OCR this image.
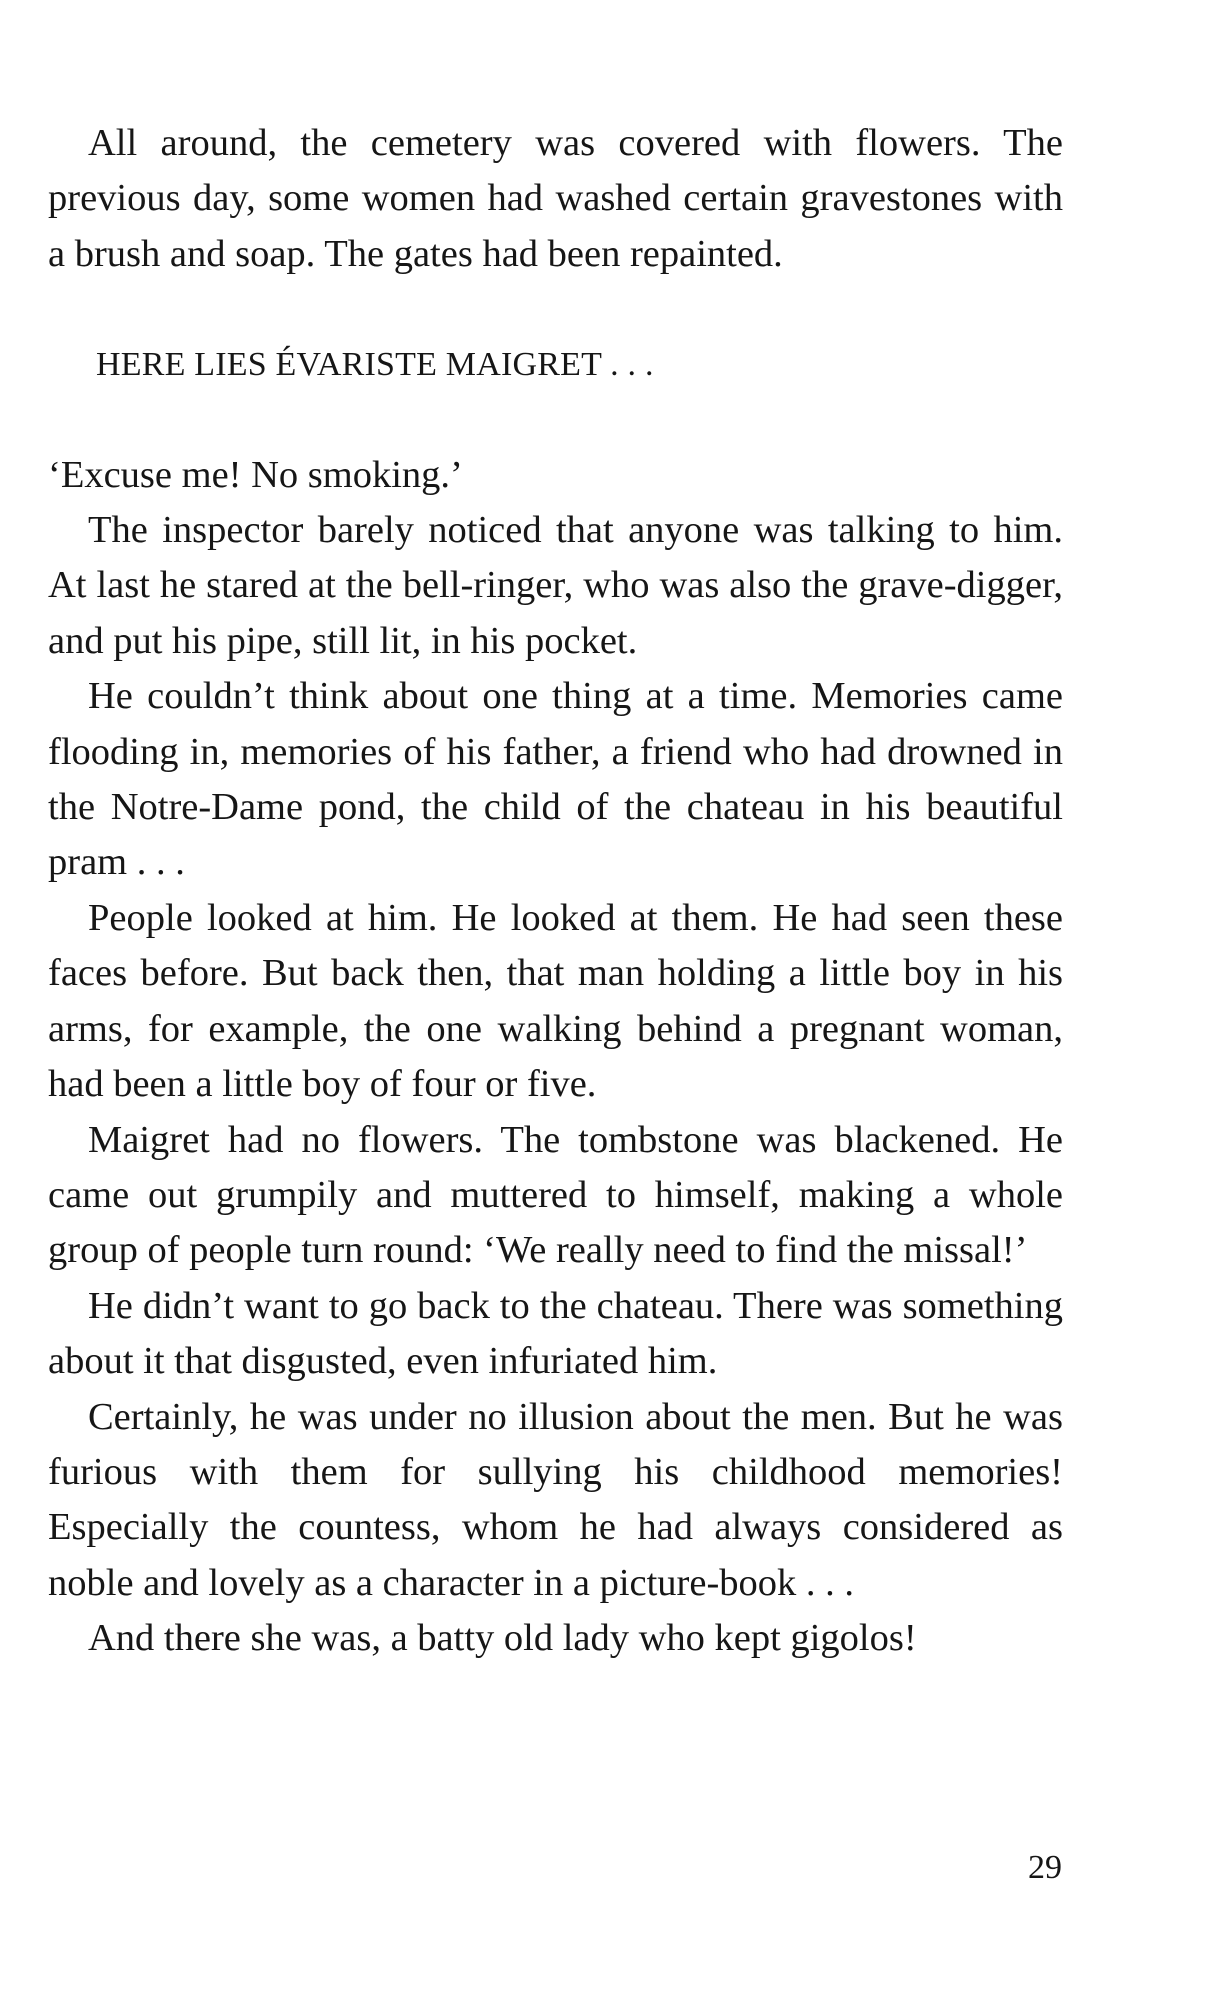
All around, the cemetery was covered with flowers. The previous day, some women had washed certain gravestones with a brush and soap. The gates had been repainted.

HERE LIES ÉVARISTE MAIGRET . . .

‘Excuse me! No smoking.’

The inspector barely noticed that anyone was talking to him. At last he stared at the bell-ringer, who was also the grave-digger, and put his pipe, still lit, in his pocket.

He couldn’t think about one thing at a time. Memories came flooding in, memories of his father, a friend who had drowned in the Notre-Dame pond, the child of the chateau in his beautiful pram . . .

People looked at him. He looked at them. He had seen these faces before. But back then, that man holding a little boy in his arms, for example, the one walking behind a pregnant woman, had been a little boy of four or five.

Maigret had no flowers. The tombstone was blackened. He came out grumpily and muttered to himself, making a whole group of people turn round: ‘We really need to find the missal!’

He didn’t want to go back to the chateau. There was something about it that disgusted, even infuriated him.

Certainly, he was under no illusion about the men. But he was furious with them for sullying his childhood memories! Especially the countess, whom he had always considered as noble and lovely as a character in a picture-book . . .

And there she was, a batty old lady who kept gigolos!

29
